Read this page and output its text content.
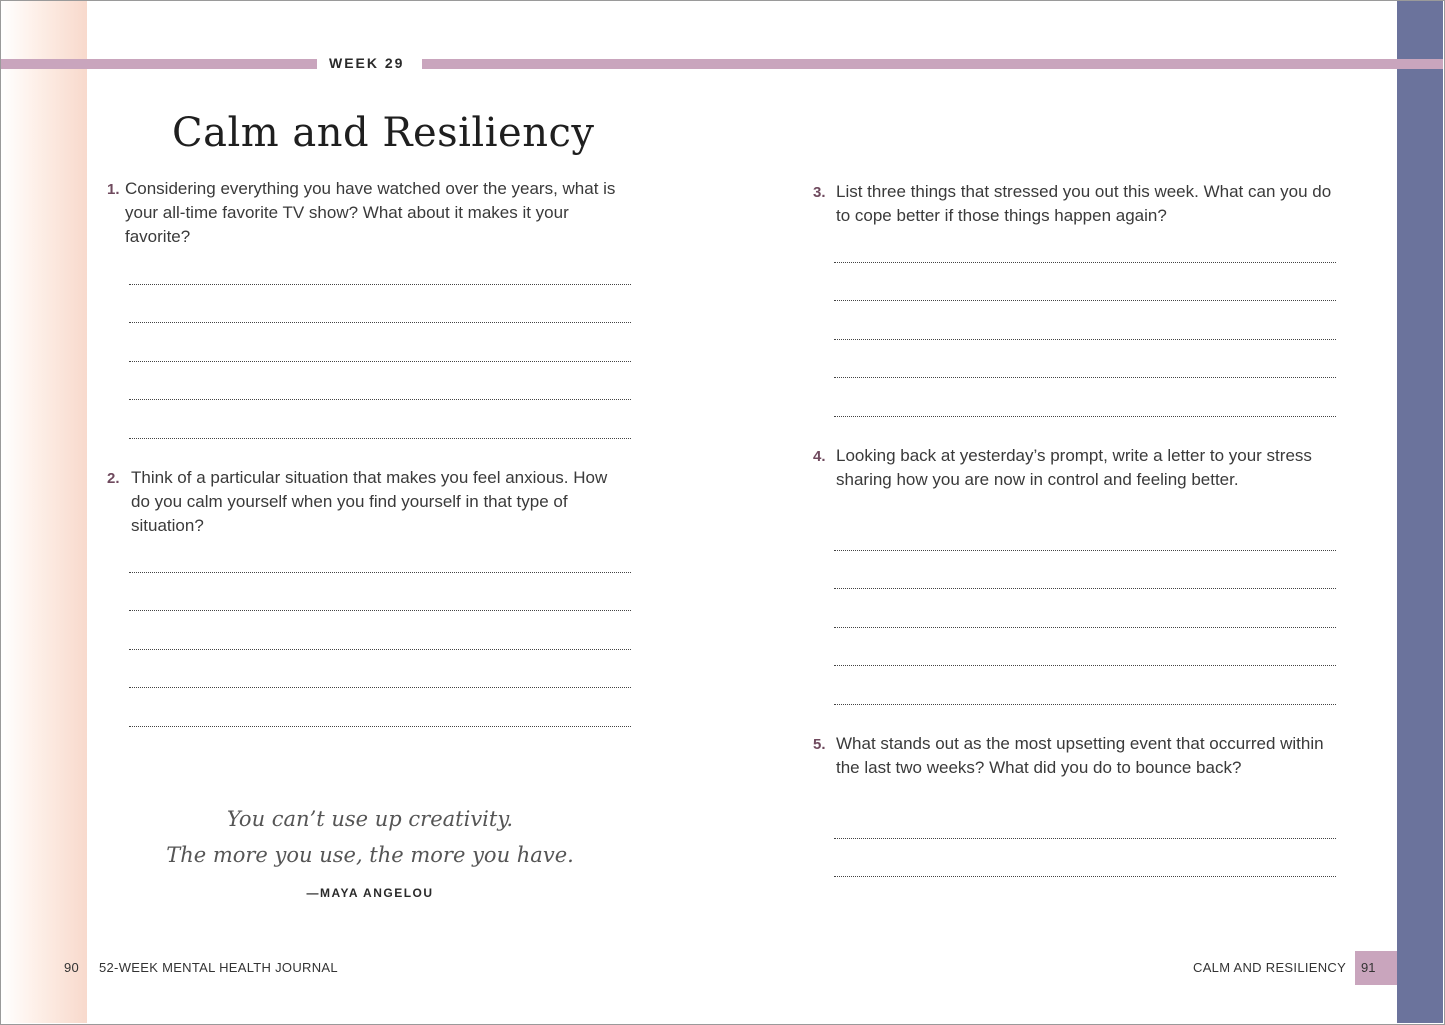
WEEK 29
Calm and Resiliency
1. Considering everything you have watched over the years, what is your all-time favorite TV show? What about it makes it your favorite?
2. Think of a particular situation that makes you feel anxious. How do you calm yourself when you find yourself in that type of situation?
You can’t use up creativity.
The more you use, the more you have.
—MAYA ANGELOU
3. List three things that stressed you out this week. What can you do to cope better if those things happen again?
4. Looking back at yesterday’s prompt, write a letter to your stress sharing how you are now in control and feeling better.
5. What stands out as the most upsetting event that occurred within the last two weeks? What did you do to bounce back?
90 52-WEEK MENTAL HEALTH JOURNAL	CALM AND RESILIENCY 91
